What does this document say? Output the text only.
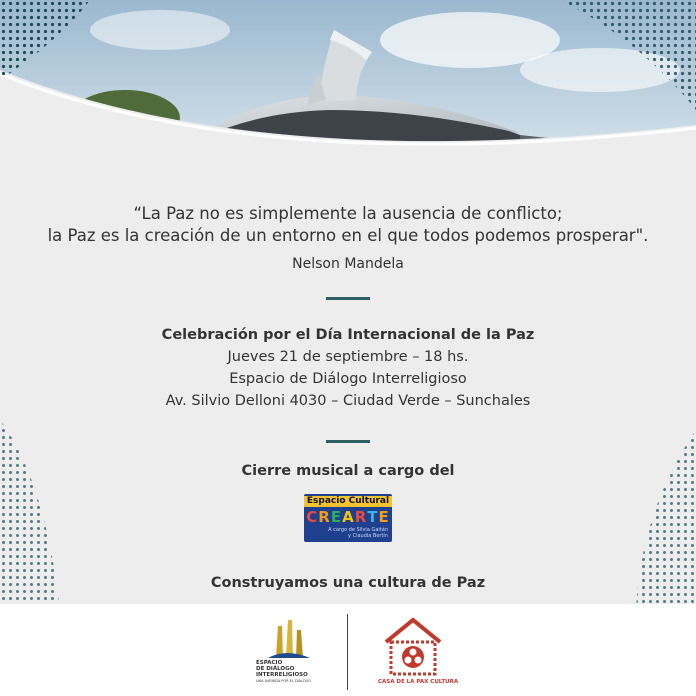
“La Paz no es simplemente la ausencia de conflicto;
la Paz es la creación de un entorno en el que todos podemos prosperar".
Nelson Mandela
Celebración por el Día Internacional de la Paz
Jueves 21 de septiembre – 18 hs.
Espacio de Diálogo Interreligioso
Av. Silvio Delloni 4030 – Ciudad Verde – Sunchales
Cierre musical a cargo del
Espacio Cultural
CREARTE
A cargo de Silvia Gaitán
y Claudia Bertín
Construyamos una cultura de Paz
ESPACIO
DE DIÁLOGO
INTERRELIGIOSO
UNA AVENIDA POR EL DIÁLOGO	CASA DE LA PAX CULTURA
